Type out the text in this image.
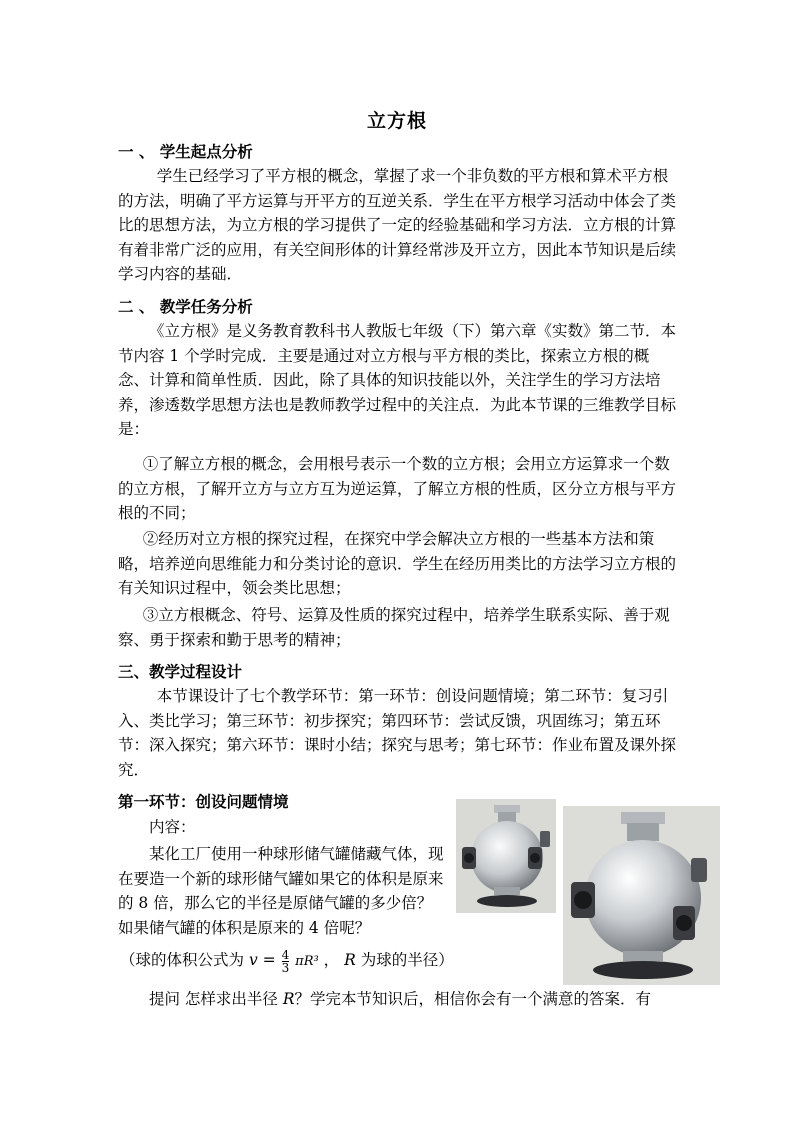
立方根
一 、 学生起点分析

学生已经学习了平方根的概念，掌握了求一个非负数的平方根和算术平方根的方法，明确了平方运算与开平方的互逆关系．学生在平方根学习活动中体会了类比的思想方法，为立方根的学习提供了一定的经验基础和学习方法．立方根的计算有着非常广泛的应用，有关空间形体的计算经常涉及开立方，因此本节知识是后续学习内容的基础．

二 、 教学任务分析

《立方根》是义务教育教科书人教版七年级（下）第六章《实数》第二节．本节内容 1 个学时完成．主要是通过对立方根与平方根的类比，探索立方根的概念、计算和简单性质．因此，除了具体的知识技能以外，关注学生的学习方法培养，渗透数学思想方法也是教师教学过程中的关注点．为此本节课的三维教学目标是：

①了解立方根的概念，会用根号表示一个数的立方根；会用立方运算求一个数的立方根，了解开立方与立方互为逆运算，了解立方根的性质，区分立方根与平方根的不同；

②经历对立方根的探究过程，在探究中学会解决立方根的一些基本方法和策略，培养逆向思维能力和分类讨论的意识．学生在经历用类比的方法学习立方根的有关知识过程中，领会类比思想；

③立方根概念、符号、运算及性质的探究过程中，培养学生联系实际、善于观察、勇于探索和勤于思考的精神；

三、教学过程设计

本节课设计了七个教学环节：第一环节：创设问题情境；第二环节：复习引入、类比学习；第三环节：初步探究；第四环节：尝试反馈，巩固练习；第五环节：深入探究；第六环节：课时小结；探究与思考；第七环节：作业布置及课外探究．

第一环节：创设问题情境
内容：

某化工厂使用一种球形储气罐储藏气体，现在要造一个新的球形储气罐如果它的体积是原来的 8 倍，那么它的半径是原储气罐的多少倍？如果储气罐的体积是原来的 4 倍呢？

（球的体积公式为 $v = \frac{4}{3} \pi R^3$ ， R 为球的半径）
提问 怎样求出半径 R？学完本节知识后，相信你会有一个满意的答案．有
